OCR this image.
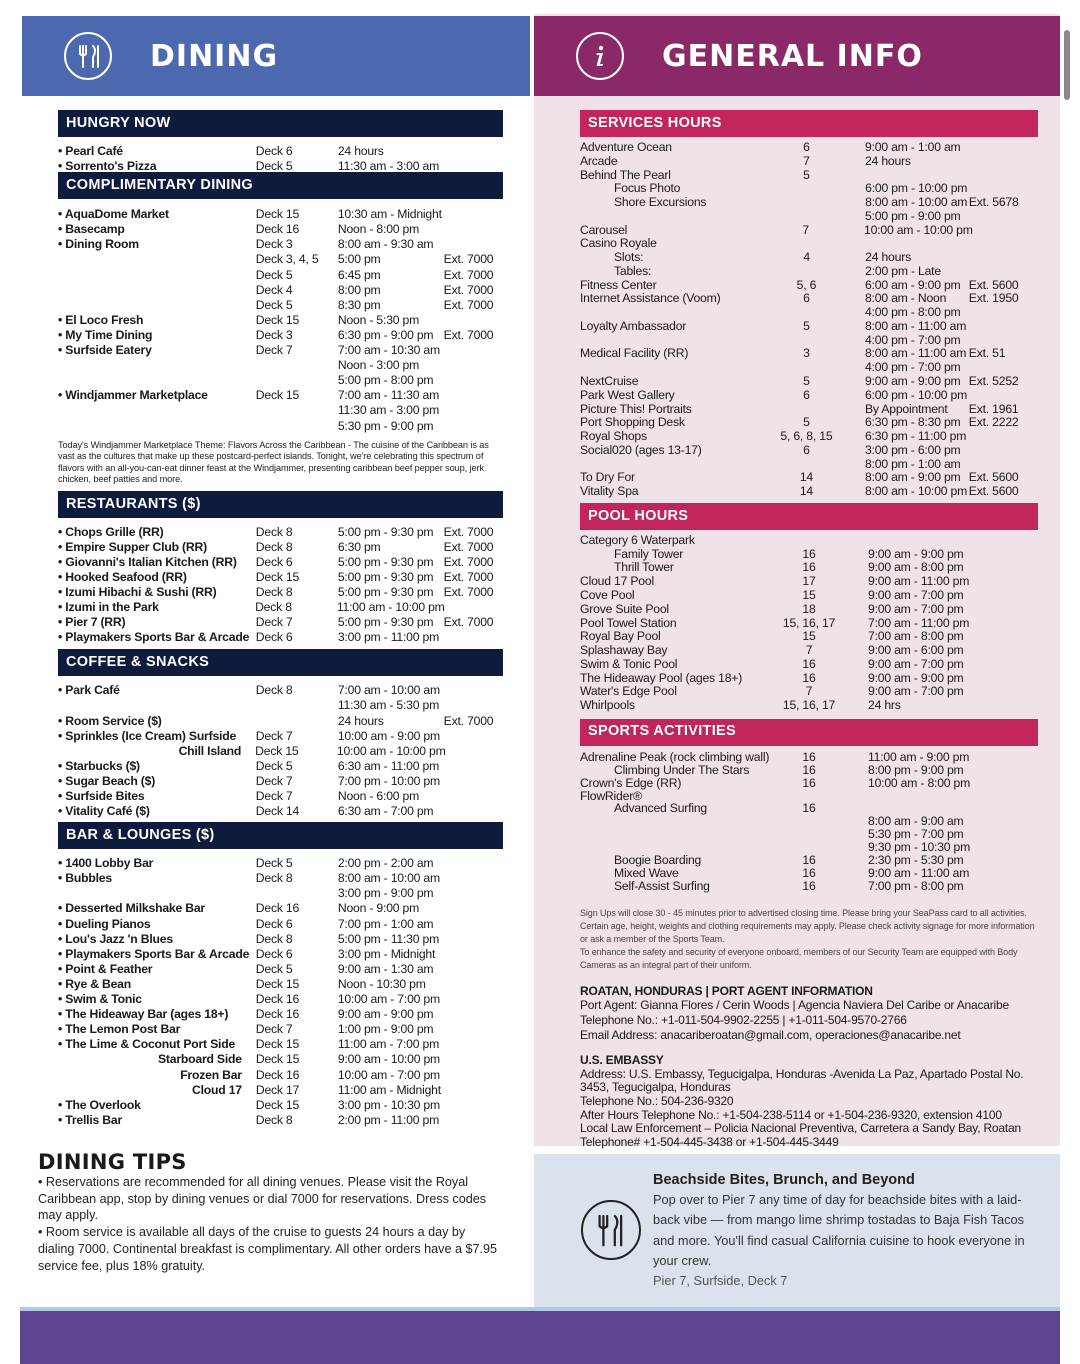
DINING	GENERAL INFO
HUNGRY NOW
• Pearl Café	Deck 6	24 hours
• Sorrento's Pizza	Deck 5	11:30 am - 3:00 am
COMPLIMENTARY DINING
• AquaDome Market	Deck 15	10:30 am - Midnight
• Basecamp	Deck 16	Noon - 8:00 pm
• Dining Room	Deck 3	8:00 am - 9:30 am
Deck 3, 4, 5	5:00 pm	Ext. 7000
Deck 5	6:45 pm	Ext. 7000
Deck 4	8:00 pm	Ext. 7000
Deck 5	8:30 pm	Ext. 7000
• El Loco Fresh	Deck 15	Noon - 5:30 pm
• My Time Dining	Deck 3	6:30 pm - 9:00 pm Ext. 7000
• Surfside Eatery	Deck 7	7:00 am - 10:30 am
Noon - 3:00 pm
5:00 pm - 8:00 pm
• Windjammer Marketplace	Deck 15	7:00 am - 11:30 am
11:30 am - 3:00 pm
5:30 pm - 9:00 pm
Today's Windjammer Marketplace Theme: Flavors Across the Caribbean - The cuisine of the Caribbean is as vast as the cultures that make up these postcard-perfect islands. Tonight, we're celebrating this spectrum of flavors with an all-you-can-eat dinner feast at the Windjammer, presenting caribbean beef pepper soup, jerk chicken, beef patties and more.
RESTAURANTS ($)
• Chops Grille (RR)	Deck 8	5:00 pm - 9:30 pm Ext. 7000
• Empire Supper Club (RR)	Deck 8	6:30 pm	Ext. 7000
• Giovanni's Italian Kitchen (RR)	Deck 6	5:00 pm - 9:30 pm Ext. 7000
• Hooked Seafood (RR)	Deck 15	5:00 pm - 9:30 pm Ext. 7000
• Izumi Hibachi & Sushi (RR)	Deck 8	5:00 pm - 9:30 pm Ext. 7000
• Izumi in the Park	Deck 8	11:00 am - 10:00 pm
• Pier 7 (RR)	Deck 7	5:00 pm - 9:30 pm Ext. 7000
• Playmakers Sports Bar & Arcade Deck 6	3:00 pm - 11:00 pm
COFFEE & SNACKS
• Park Café	Deck 8	7:00 am - 10:00 am
11:30 am - 5:30 pm
• Room Service ($)	24 hours	Ext. 7000
• Sprinkles (Ice Cream) Surfside	Deck 7	10:00 am - 9:00 pm
Chill Island	Deck 15	10:00 am - 10:00 pm
• Starbucks ($)	Deck 5	6:30 am - 11:00 pm
• Sugar Beach ($)	Deck 7	7:00 pm - 10:00 pm
• Surfside Bites	Deck 7	Noon - 6:00 pm
• Vitality Café ($)	Deck 14	6:30 am - 7:00 pm
BAR & LOUNGES ($)
• 1400 Lobby Bar	Deck 5	2:00 pm - 2:00 am
• Bubbles	Deck 8	8:00 am - 10:00 am
3:00 pm - 9:00 pm
• Desserted Milkshake Bar	Deck 16	Noon - 9:00 pm
• Dueling Pianos	Deck 6	7:00 pm - 1:00 am
• Lou's Jazz 'n Blues	Deck 8	5:00 pm - 11:30 pm
• Playmakers Sports Bar & Arcade Deck 6	3:00 pm - Midnight
• Point & Feather	Deck 5	9:00 am - 1:30 am
• Rye & Bean	Deck 15	Noon - 10:30 pm
• Swim & Tonic	Deck 16	10:00 am - 7:00 pm
• The Hideaway Bar (ages 18+)	Deck 16	9:00 am - 9:00 pm
• The Lemon Post Bar	Deck 7	1:00 pm - 9:00 pm
• The Lime & Coconut Port Side	Deck 15	11:00 am - 7:00 pm
Starboard Side	Deck 15	9:00 am - 10:00 pm
Frozen Bar	Deck 16	10:00 am - 7:00 pm
Cloud 17	Deck 17	11:00 am - Midnight
• The Overlook	Deck 15	3:00 pm - 10:30 pm
• Trellis Bar	Deck 8	2:00 pm - 11:00 pm
DINING TIPS

• Reservations are recommended for all dining venues. Please visit the Royal Caribbean app, stop by dining venues or dial 7000 for reservations. Dress codes may apply.

• Room service is available all days of the cruise to guests 24 hours a day by dialing 7000. Continental breakfast is complimentary. All other orders have a $7.95 service fee, plus 18% gratuity.

SERVICES HOURS
Adventure Ocean	6	9:00 am - 1:00 am
Arcade	7	24 hours
Behind The Pearl	5
Focus Photo	6:00 pm - 10:00 pm
Shore Excursions	8:00 am - 10:00 am Ext. 5678
5:00 pm - 9:00 pm
Carousel	7	10:00 am - 10:00 pm
Casino Royale
Slots:	4	24 hours
Tables:	2:00 pm - Late
Fitness Center	5, 6	6:00 am - 9:00 pm Ext. 5600
Internet Assistance (Voom)	6	8:00 am - Noon	Ext. 1950
4:00 pm - 8:00 pm
Loyalty Ambassador	5	8:00 am - 11:00 am
4:00 pm - 7:00 pm
Medical Facility (RR)	3	8:00 am - 11:00 am Ext. 51
4:00 pm - 7:00 pm
NextCruise	5	9:00 am - 9:00 pm Ext. 5252
Park West Gallery	6	6:00 pm - 10:00 pm
Picture This! Portraits	By Appointment	Ext. 1961
Port Shopping Desk	5	6:30 pm - 8:30 pm Ext. 2222
Royal Shops	5, 6, 8, 15	6:30 pm - 11:00 pm
Social020 (ages 13-17)	6	3:00 pm - 6:00 pm
8:00 pm - 1:00 am
To Dry For	14	8:00 am - 9:00 pm Ext. 5600
Vitality Spa	14	8:00 am - 10:00 pm Ext. 5600
POOL HOURS
Category 6 Waterpark
Family Tower	16	9:00 am - 9:00 pm
Thrill Tower	16	9:00 am - 8:00 pm
Cloud 17 Pool	17	9:00 am - 11:00 pm
Cove Pool	15	9:00 am - 7:00 pm
Grove Suite Pool	18	9:00 am - 7:00 pm
Pool Towel Station	15, 16, 17	7:00 am - 11:00 pm
Royal Bay Pool	15	7:00 am - 8:00 pm
Splashaway Bay	7	9:00 am - 6:00 pm
Swim & Tonic Pool	16	9:00 am - 7:00 pm
The Hideaway Pool (ages 18+)	16	9:00 am - 9:00 pm
Water's Edge Pool	7	9:00 am - 7:00 pm
Whirlpools	15, 16, 17	24 hrs
SPORTS ACTIVITIES
Adrenaline Peak (rock climbing wall)	16	11:00 am - 9:00 pm
Climbing Under The Stars	16	8:00 pm - 9:00 pm
Crown's Edge (RR)	16	10:00 am - 8:00 pm
FlowRider®
Advanced Surfing	16
8:00 am - 9:00 am
5:30 pm - 7:00 pm
9:30 pm - 10:30 pm
Boogie Boarding	16	2:30 pm - 5:30 pm
Mixed Wave	16	9:00 am - 11:00 am
Self-Assist Surfing	16	7:00 pm - 8:00 pm
Sign Ups will close 30 - 45 minutes prior to advertised closing time. Please bring your SeaPass card to all activities. Certain age, height, weights and clothing requirements may apply. Please check activity signage for more information or ask a member of the Sports Team.
To enhance the safety and security of everyone onboard, members of our Security Team are equipped with Body Cameras as an integral part of their uniform.
ROATAN, HONDURAS | PORT AGENT INFORMATION
Port Agent: Gianna Flores / Cerin Woods | Agencia Naviera Del Caribe or Anacaribe
Telephone No.: +1-011-504-9902-2255 | +1-011-504-9570-2766
Email Address: anacariberoatan@gmail.com, operaciones@anacaribe.net
U.S. EMBASSY
Address: U.S. Embassy, Tegucigalpa, Honduras -Avenida La Paz, Apartado Postal No. 3453, Tegucigalpa, Honduras
Telephone No.: 504-236-9320
After Hours Telephone No.: +1-504-238-5114 or +1-504-236-9320, extension 4100
Local Law Enforcement – Policia Nacional Preventiva, Carretera a Sandy Bay, Roatan
Telephone# +1-504-445-3438 or +1-504-445-3449
Beachside Bites, Brunch, and Beyond

Pop over to Pier 7 any time of day for beachside bites with a laid-back vibe — from mango lime shrimp tostadas to Baja Fish Tacos and more. You'll find casual California cuisine to hook everyone in your crew.

Pier 7, Surfside, Deck 7
